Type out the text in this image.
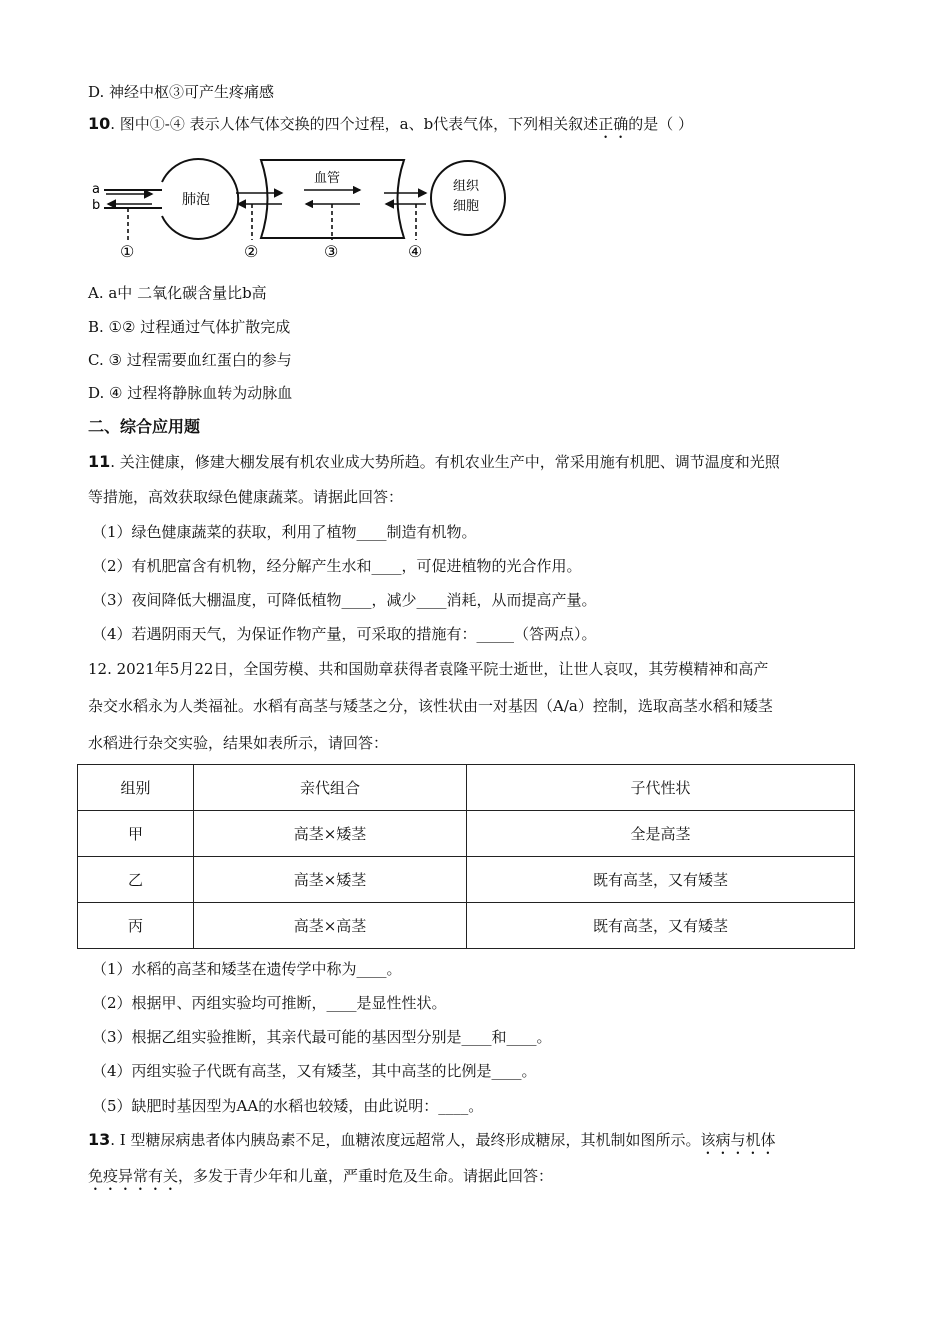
D. 神经中枢③可产生疼痛感
10. 图中①-④ 表示人体气体交换的四个过程，a、b代表气体，下列相关叙述正确的是（ ）
a
b	肺泡
血管
组织
细胞
①	②	③	④
A. a中 二氧化碳含量比b高
B. ①② 过程通过气体扩散完成
C. ③ 过程需要血红蛋白的参与
D. ④ 过程将静脉血转为动脉血
二、综合应用题
11. 关注健康，修建大棚发展有机农业成大势所趋。有机农业生产中，常采用施有机肥、调节温度和光照
等措施，高效获取绿色健康蔬菜。请据此回答：
（1）绿色健康蔬菜的获取，利用了植物____制造有机物。
（2）有机肥富含有机物，经分解产生水和____，可促进植物的光合作用。
（3）夜间降低大棚温度，可降低植物____，减少____消耗，从而提高产量。
（4）若遇阴雨天气，为保证作物产量，可采取的措施有：_____（答两点）。
12. 2021年5月22日，全国劳模、共和国勋章获得者袁隆平院士逝世，让世人哀叹，其劳模精神和高产
杂交水稻永为人类福祉。水稻有高茎与矮茎之分，该性状由一对基因（A/a）控制，选取高茎水稻和矮茎
水稻进行杂交实验，结果如表所示，请回答：
组别	亲代组合	子代性状
甲	高茎×矮茎	全是高茎
乙	高茎×矮茎	既有高茎，又有矮茎
丙	高茎×高茎	既有高茎，又有矮茎
（1）水稻的高茎和矮茎在遗传学中称为____。
（2）根据甲、丙组实验均可推断，____是显性性状。
（3）根据乙组实验推断，其亲代最可能的基因型分别是____和____。
（4）丙组实验子代既有高茎，又有矮茎，其中高茎的比例是____。
（5）缺肥时基因型为AA的水稻也较矮，由此说明：____。
13. Ⅰ 型糖尿病患者体内胰岛素不足，血糖浓度远超常人，最终形成糖尿，其机制如图所示。该病与机体
免疫异常有关，多发于青少年和儿童，严重时危及生命。请据此回答：
